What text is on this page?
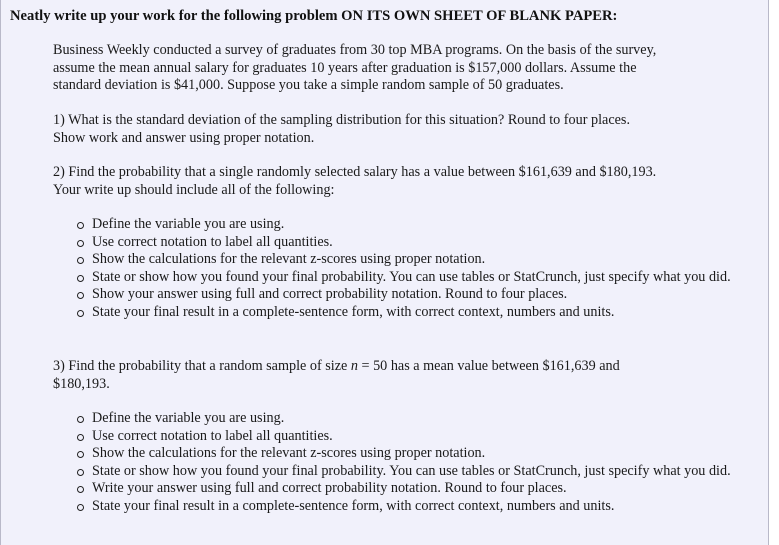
Neatly write up your work for the following problem ON ITS OWN SHEET OF BLANK PAPER:

Business Weekly conducted a survey of graduates from 30 top MBA programs. On the basis of the survey,

assume the mean annual salary for graduates 10 years after graduation is $157,000 dollars. Assume the

standard deviation is $41,000. Suppose you take a simple random sample of 50 graduates.

1) What is the standard deviation of the sampling distribution for this situation? Round to four places.

Show work and answer using proper notation.

2) Find the probability that a single randomly selected salary has a value between $161,639 and $180,193.

Your write up should include all of the following:

Define the variable you are using.
Use correct notation to label all quantities.
Show the calculations for the relevant z-scores using proper notation.
State or show how you found your final probability. You can use tables or StatCrunch, just specify what you did.
Show your answer using full and correct probability notation. Round to four places.
State your final result in a complete-sentence form, with correct context, numbers and units.

3) Find the probability that a random sample of size n = 50 has a mean value between $161,639 and

$180,193.

Define the variable you are using.
Use correct notation to label all quantities.
Show the calculations for the relevant z-scores using proper notation.
State or show how you found your final probability. You can use tables or StatCrunch, just specify what you did.
Write your answer using full and correct probability notation. Round to four places.
State your final result in a complete-sentence form, with correct context, numbers and units.
